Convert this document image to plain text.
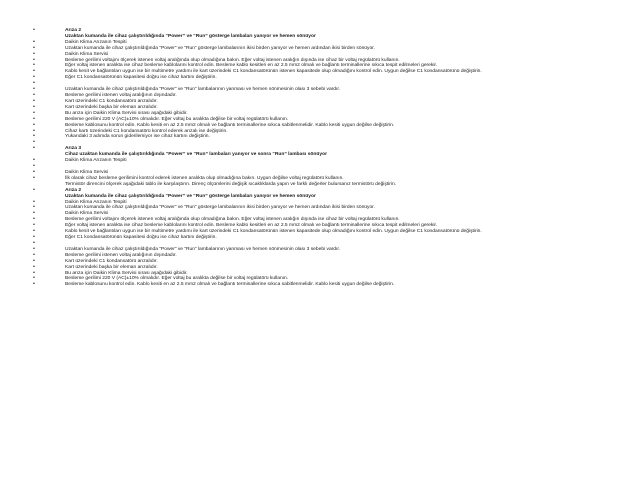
•	Arıza 2
Uzaktan kumanda ile cihaz çalıştırıldığında “Power” ve “Run” gösterge lambaları yanıyor ve hemen sönüyor
•	Daikin Klima Arızanın Tespiti
•	Uzaktan kumanda ile cihaz çalıştırıldığında “Power” ve “Run” gösterge lambalarının ikisi birden yanıyor ve hemen ardından ikisi birden sönüyor.
•	Daikin Klima Servisi
•	Besleme gerilimi voltajını ölçerek istenen voltaj aralığında olup olmadığına bakın. Eğer voltaj istenen aralığın dışında ise cihaz bir voltaj regülatörü kullanın.
•	Eğer voltaj istenen aralıkta ise cihaz besleme kablolarını kontrol edin. Besleme kablo kesitleri en az 2.5 mm2 olmalı ve bağlantı terminallerine sıkıca tespit edilmeleri gerekir.
•	Kablo kesit ve bağlantıları uygun ise bir multimetre yardımı ile kart üzerindeki C1 kondansatörünün istenen kapasitede olup olmadığını kontrol edin. Uygun değilse C1 kondansatörünü değiştirin.
•	Eğer C1 kondansatörünün kapasitesi doğru ise cihaz kartını değiştirin.
•
•	Uzaktan kumanda ile cihaz çalıştırıldığında “Power” ve “Run” lambalarının yanması ve hemen sönmesinin olası 3 sebebi vardır.
•	Besleme gerilimi istenen voltaj aralığının dışındadır.
•	Kart üzerindeki C1 kondansatörü arızalıdır.
•	Kart üzerindeki başka bir eleman arızalıdır.
•	Bu arıza için Daikin Klima Servisi sırası aşağıdaki gibidir.
•	Besleme gerilimi 220 V (AC)±10% olmalıdır. Eğer voltaj bu aralıkta değilse bir voltaj regülatörü kullanın.
•	Besleme kablosunu kontrol edin. Kablo kesiti en az 2.5 mm2 olmalı ve bağlantı terminallerine sıkıca sabitlenmelidir. Kablo kesiti uygun değilse değiştirin.
•	Cihaz kartı üzerindeki C1 kondansatörü kontrol ederek arızalı ise değiştirin.
•	Yukarıdaki 3 adımda sorun giderilemiyor ise cihaz kartını değiştirin.
•
•	Arıza 3
Cihaz uzaktan kumanda ile çalıştırıldığında “Power” ve “Run” lambaları yanıyor ve sonra “Run” lambası sönüyor
•	Daikin Klima Arızanın Tespiti
•
•	Daikin Klima Servisi
•	İlk olarak cihaz besleme gerilimini kontrol ederek istenen aralıkta olup olmadığına bakın. Uygun değilse voltaj regülatörü kullanın.
Termistör direncini ölçerek aşağıdaki tablo ile karşılaştırın. Direnç ölçümlerini değişik sıcaklıklarda yapın ve farklı değerler bulursanız termistörü değiştirin.
•	Arıza 2
Uzaktan kumanda ile cihaz çalıştırıldığında “Power” ve “Run” gösterge lambaları yanıyor ve hemen sönüyor
•	Daikin Klima Arızanın Tespiti
•	Uzaktan kumanda ile cihaz çalıştırıldığında “Power” ve “Run” gösterge lambalarının ikisi birden yanıyor ve hemen ardından ikisi birden sönüyor.
•	Daikin Klima Servisi
•	Besleme gerilimi voltajını ölçerek istenen voltaj aralığında olup olmadığına bakın. Eğer voltaj istenen aralığın dışında ise cihaz bir voltaj regülatörü kullanın.
•	Eğer voltaj istenen aralıkta ise cihaz besleme kablolarını kontrol edin. Besleme kablo kesitleri en az 2.5 mm2 olmalı ve bağlantı terminallerine sıkıca tespit edilmeleri gerekir.
•	Kablo kesit ve bağlantıları uygun ise bir multimetre yardımı ile kart üzerindeki C1 kondansatörünün istenen kapasitede olup olmadığını kontrol edin. Uygun değilse C1 kondansatörünü değiştirin.
•	Eğer C1 kondansatörünün kapasitesi doğru ise cihaz kartını değiştirin.
•
•	Uzaktan kumanda ile cihaz çalıştırıldığında “Power” ve “Run” lambalarının yanması ve hemen sönmesinin olası 3 sebebi vardır.
•	Besleme gerilimi istenen voltaj aralığının dışındadır.
•	Kart üzerindeki C1 kondansatörü arızalıdır.
•	Kart üzerindeki başka bir eleman arızalıdır.
•	Bu arıza için Daikin Klima Servisi sırası aşağıdaki gibidir.
•	Besleme gerilimi 220 V (AC)±10% olmalıdır. Eğer voltaj bu aralıkta değilse bir voltaj regülatörü kullanın.
•	Besleme kablosunu kontrol edin. Kablo kesiti en az 2.5 mm2 olmalı ve bağlantı terminallerine sıkıca sabitlenmelidir. Kablo kesiti uygun değilse değiştirin.
